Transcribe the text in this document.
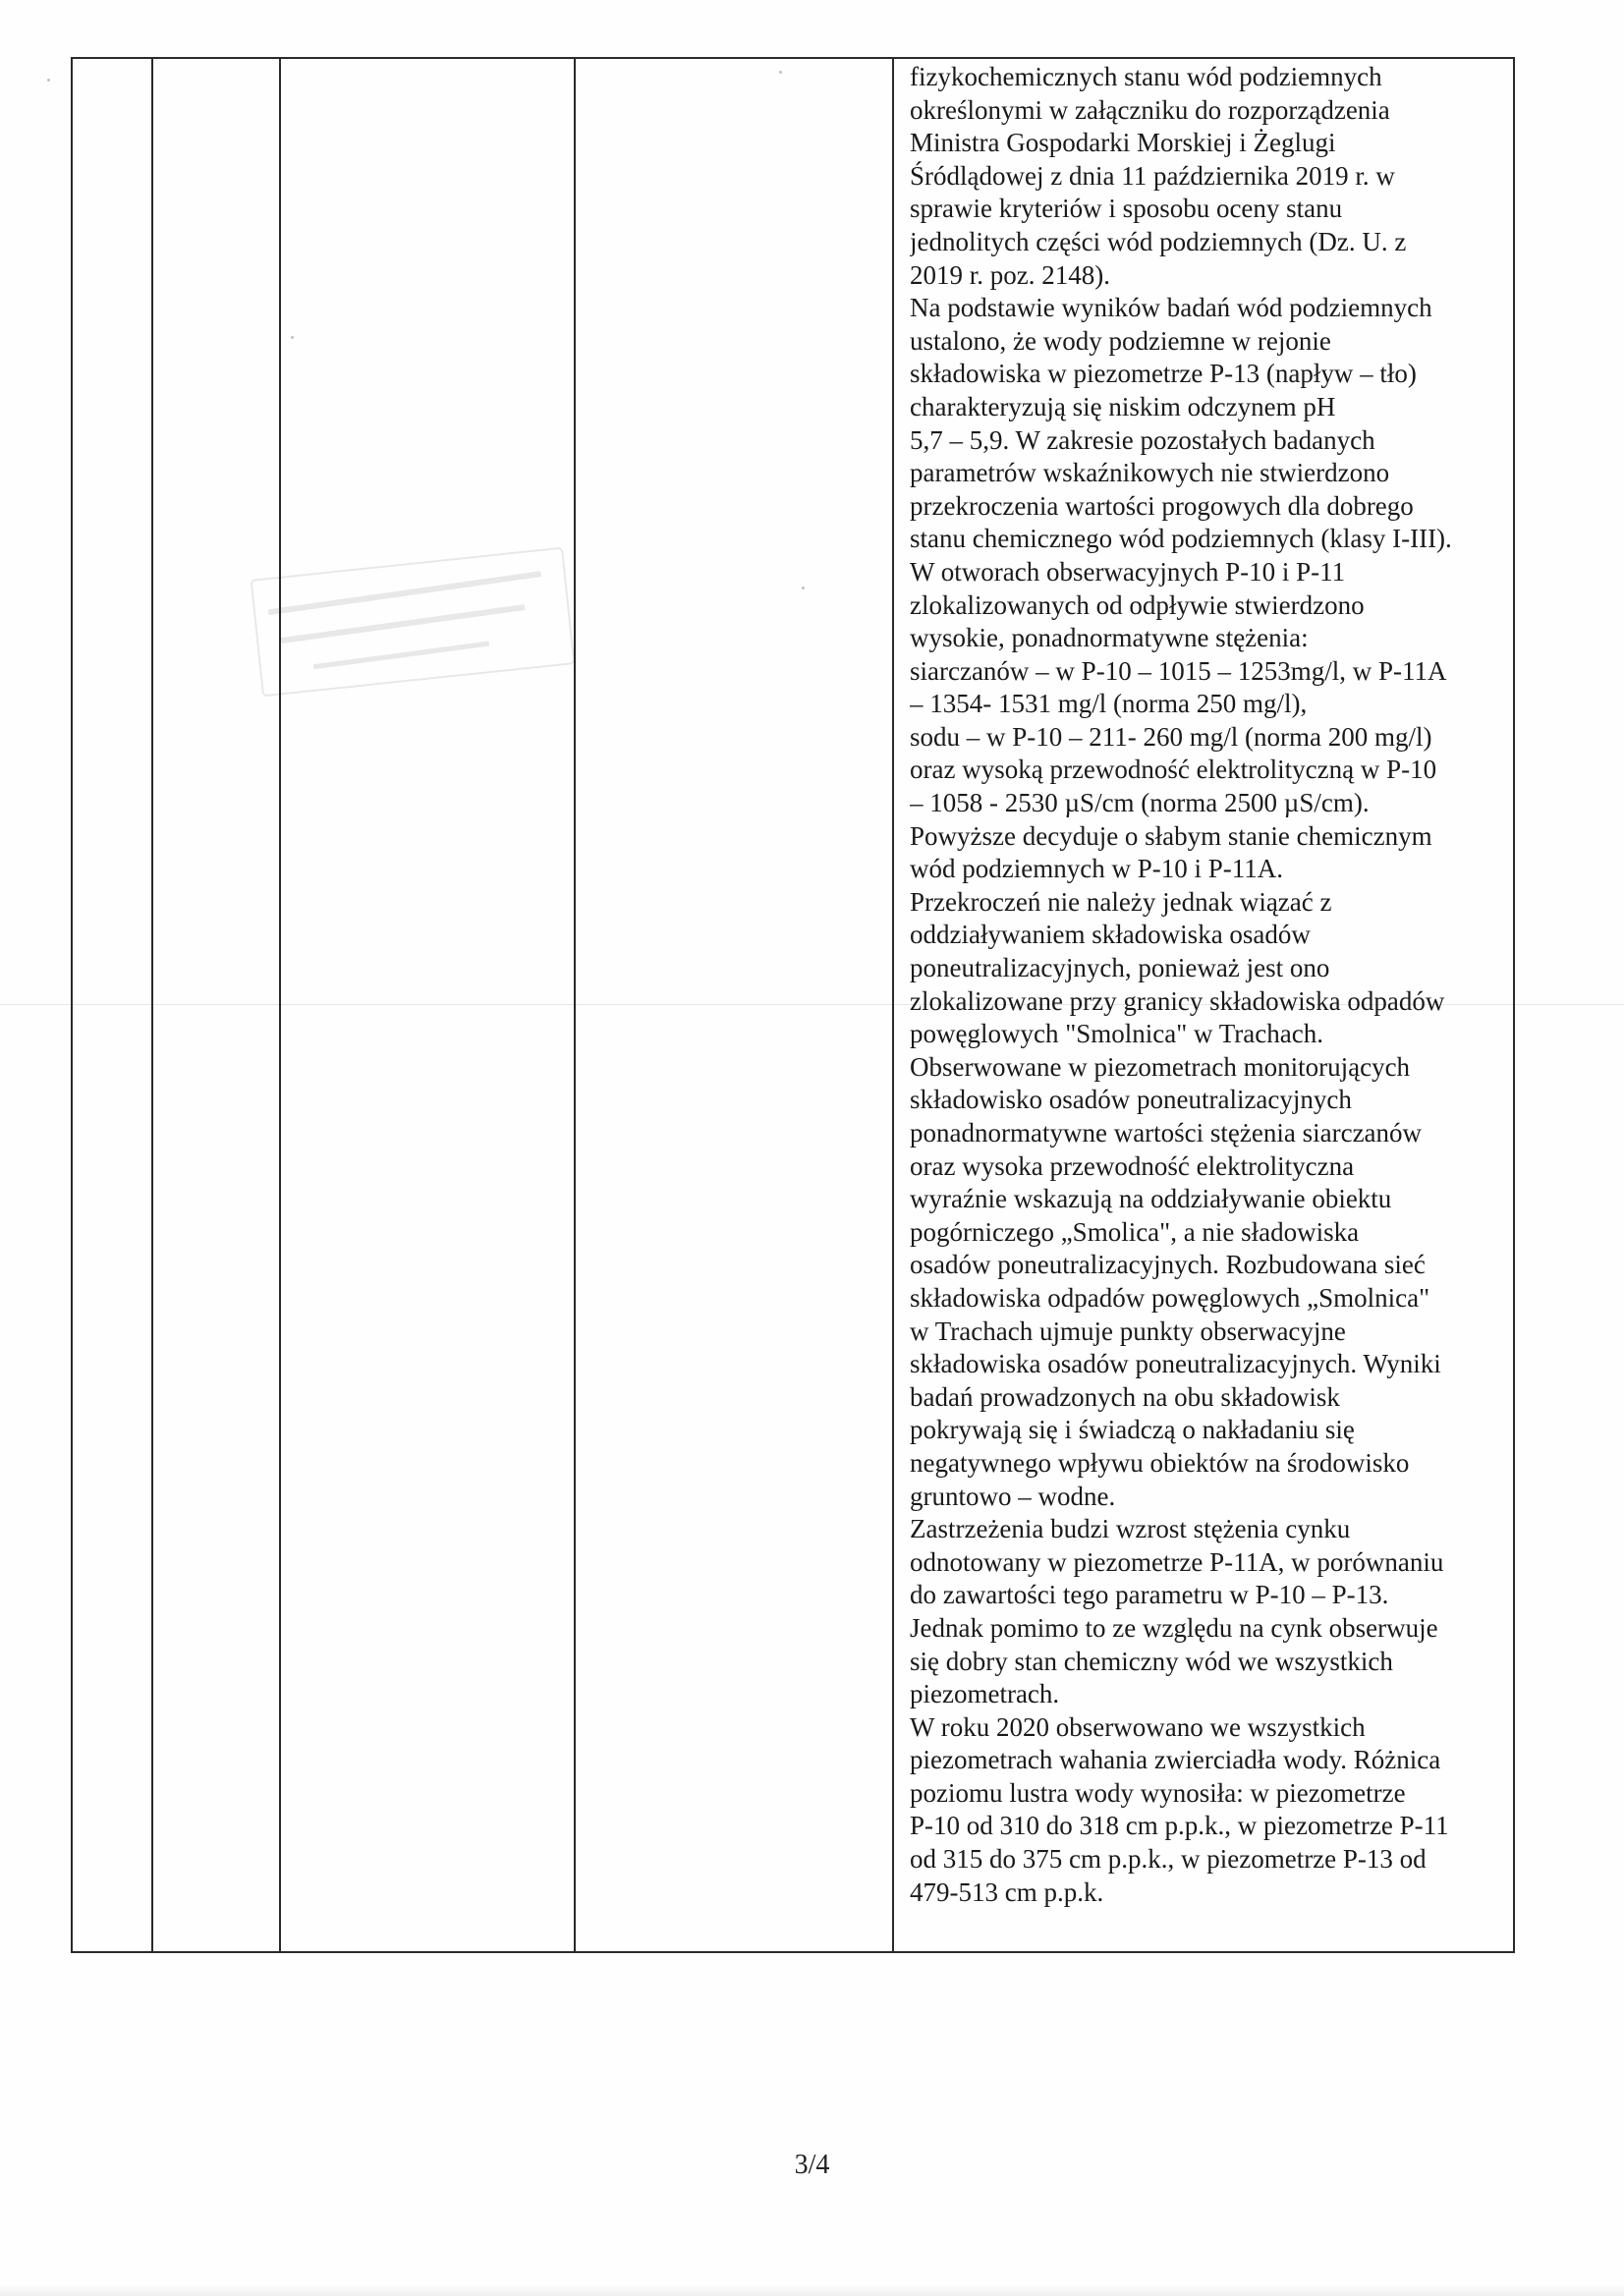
fizykochemicznych stanu wód podziemnych

określonymi w załączniku do rozporządzenia

Ministra Gospodarki Morskiej i Żeglugi

Śródlądowej z dnia 11 października 2019 r. w

sprawie kryteriów i sposobu oceny stanu

jednolitych części wód podziemnych (Dz. U. z

2019 r. poz. 2148).

Na podstawie wyników badań wód podziemnych

ustalono, że wody podziemne w rejonie

składowiska w piezometrze P-13 (napływ – tło)

charakteryzują się niskim odczynem pH

5,7 – 5,9. W zakresie pozostałych badanych

parametrów wskaźnikowych nie stwierdzono

przekroczenia wartości progowych dla dobrego

stanu chemicznego wód podziemnych (klasy I-III).

W otworach obserwacyjnych P-10 i P-11

zlokalizowanych od odpływie stwierdzono

wysokie, ponadnormatywne stężenia:

siarczanów – w P-10 – 1015 – 1253mg/l, w P-11A

– 1354- 1531 mg/l (norma 250 mg/l),

sodu – w P-10 – 211- 260 mg/l (norma 200 mg/l)

oraz wysoką przewodność elektrolityczną w P-10

– 1058 - 2530 µS/cm (norma 2500 µS/cm).

Powyższe decyduje o słabym stanie chemicznym

wód podziemnych w P-10 i P-11A.

Przekroczeń nie należy jednak wiązać z

oddziaływaniem składowiska osadów

poneutralizacyjnych, ponieważ jest ono

zlokalizowane przy granicy składowiska odpadów

powęglowych "Smolnica" w Trachach.

Obserwowane w piezometrach monitorujących

składowisko osadów poneutralizacyjnych

ponadnormatywne wartości stężenia siarczanów

oraz wysoka przewodność elektrolityczna

wyraźnie wskazują na oddziaływanie obiektu

pogórniczego „Smolica", a nie sładowiska

osadów poneutralizacyjnych. Rozbudowana sieć

składowiska odpadów powęglowych „Smolnica"

w Trachach ujmuje punkty obserwacyjne

składowiska osadów poneutralizacyjnych. Wyniki

badań prowadzonych na obu składowisk

pokrywają się i świadczą o nakładaniu się

negatywnego wpływu obiektów na środowisko

gruntowo – wodne.

Zastrzeżenia budzi wzrost stężenia cynku

odnotowany w piezometrze P-11A, w porównaniu

do zawartości tego parametru w P-10 – P-13.

Jednak pomimo to ze względu na cynk obserwuje

się dobry stan chemiczny wód we wszystkich

piezometrach.

W roku 2020 obserwowano we wszystkich

piezometrach wahania zwierciadła wody. Różnica

poziomu lustra wody wynosiła: w piezometrze

P-10 od 310 do 318 cm p.p.k., w piezometrze P-11

od 315 do 375 cm p.p.k., w piezometrze P-13 od

479-513 cm p.p.k.

3/4
